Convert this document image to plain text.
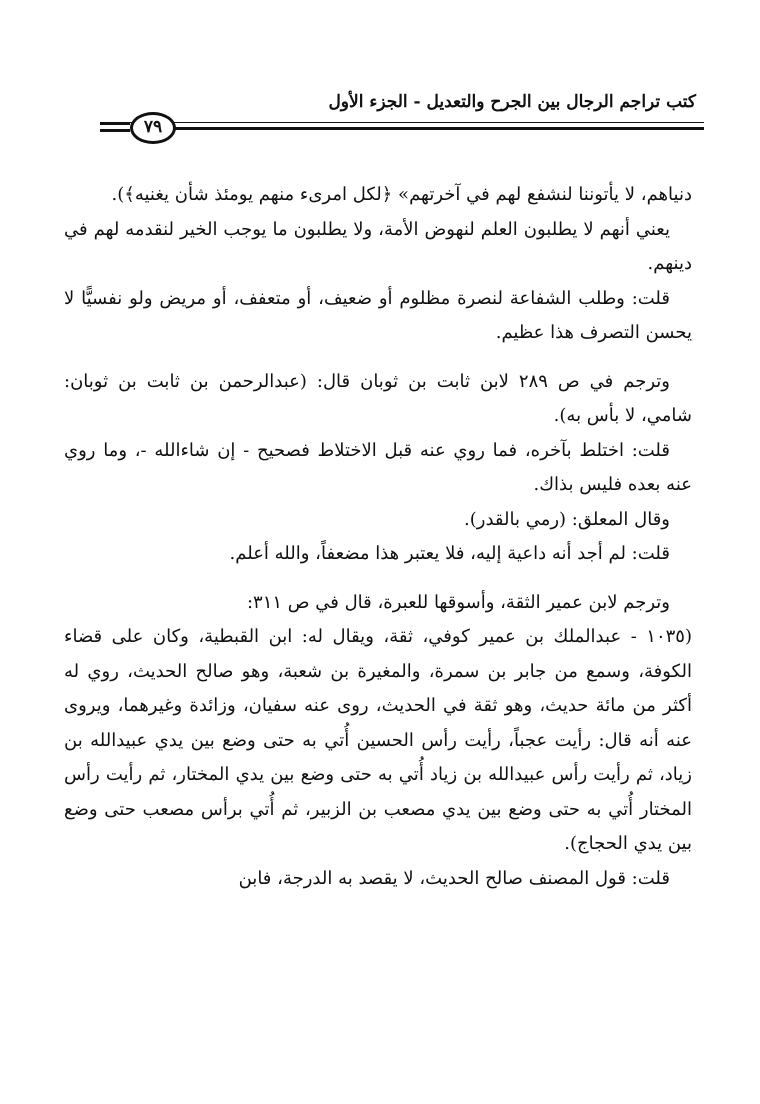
كتب تراجم الرجال بين الجرح والتعديل - الجزء الأول
٧٩

دنياهم، لا يأتوننا لنشفع لهم في آخرتهم» ﴿لكل امرىء منهم يومئذ شأن يغنيه﴾).

يعني أنهم لا يطلبون العلم لنهوض الأمة، ولا يطلبون ما يوجب الخير لنقدمه لهم في دينهم.

قلت: وطلب الشفاعة لنصرة مظلوم أو ضعيف، أو متعفف، أو مريض ولو نفسيًّا لا يحسن التصرف هذا عظيم.

وترجم في ص ٢٨٩ لابن ثابت بن ثوبان قال: (عبدالرحمن بن ثابت بن ثوبان: شامي، لا بأس به).

قلت: اختلط بآخره، فما روي عنه قبل الاختلاط فصحيح - إن شاءالله -، وما روي عنه بعده فليس بذاك.

وقال المعلق: (رمي بالقدر).

قلت: لم أجد أنه داعية إليه، فلا يعتبر هذا مضعفاً، والله أعلم.

وترجم لابن عمير الثقة، وأسوقها للعبرة، قال في ص ٣١١:

(١٠٣٥ - عبدالملك بن عمير كوفي، ثقة، ويقال له: ابن القبطية، وكان على قضاء الكوفة، وسمع من جابر بن سمرة، والمغيرة بن شعبة، وهو صالح الحديث، روي له أكثر من مائة حديث، وهو ثقة في الحديث، روى عنه سفيان، وزائدة وغيرهما، ويروى عنه أنه قال: رأيت عجباً، رأيت رأس الحسين أُتي به حتى وضع بين يدي عبيدالله بن زياد، ثم رأيت رأس عبيدالله بن زياد أُتي به حتى وضع بين يدي المختار، ثم رأيت رأس المختار أُتي به حتى وضع بين يدي مصعب بن الزبير، ثم أُتي برأس مصعب حتى وضع بين يدي الحجاج).

قلت: قول المصنف صالح الحديث، لا يقصد به الدرجة، فابن
